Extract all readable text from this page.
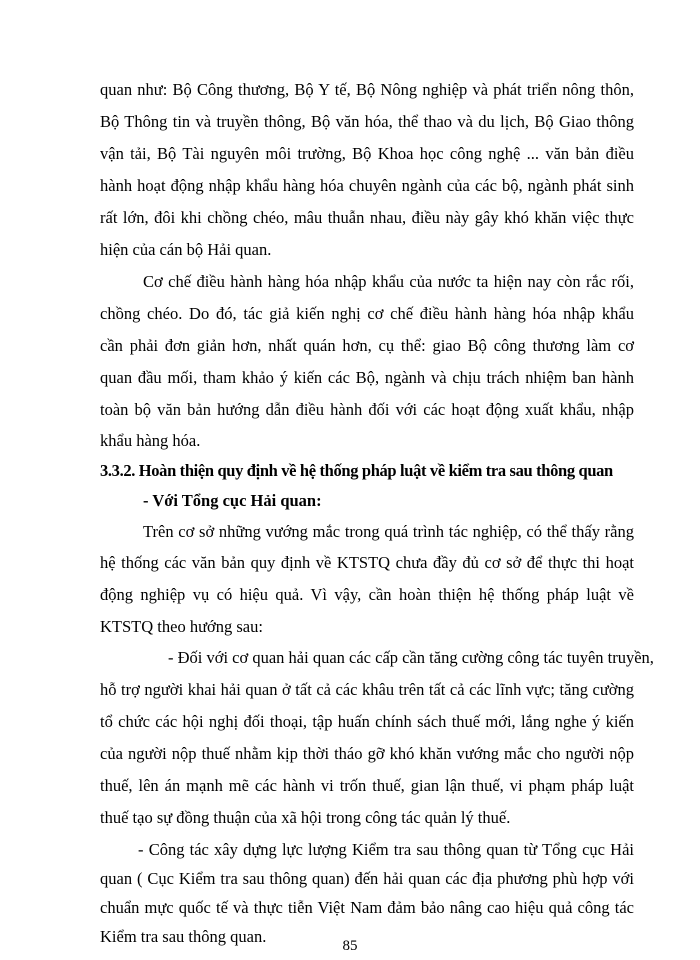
quan như: Bộ Công thương, Bộ Y tế, Bộ Nông nghiệp và phát triển nông thôn,
Bộ Thông tin và truyền thông, Bộ văn hóa, thể thao và du lịch, Bộ Giao thông
vận tải, Bộ Tài nguyên môi trường, Bộ Khoa học công nghệ ... văn bản điều
hành hoạt động nhập khẩu hàng hóa chuyên ngành của các bộ, ngành phát sinh
rất lớn, đôi khi chồng chéo, mâu thuẫn nhau, điều này gây khó khăn việc thực
hiện của cán bộ Hải quan.
Cơ chế điều hành hàng hóa nhập khẩu của nước ta hiện nay còn rắc rối,
chồng chéo. Do đó, tác giả kiến nghị cơ chế điều hành hàng hóa nhập khẩu
cần phải đơn giản hơn, nhất quán hơn, cụ thể: giao Bộ công thương làm cơ
quan đầu mối, tham khảo ý kiến các Bộ, ngành và chịu trách nhiệm ban hành
toàn bộ văn bản hướng dẫn điều hành đối với các hoạt động xuất khẩu, nhập
khẩu hàng hóa.
3.3.2. Hoàn thiện quy định về hệ thống pháp luật về kiểm tra sau thông quan
- Với Tổng cục Hải quan:
Trên cơ sở những vướng mắc trong quá trình tác nghiệp, có thể thấy rằng
hệ thống các văn bản quy định về KTSTQ chưa đầy đủ cơ sở để thực thi hoạt
động nghiệp vụ có hiệu quả. Vì vậy, cần hoàn thiện hệ thống pháp luật về
KTSTQ theo hướng sau:
- Đối với cơ quan hải quan các cấp cần tăng cường công tác tuyên truyền,
hỗ trợ người khai hải quan ở tất cả các khâu trên tất cả các lĩnh vực; tăng cường
tổ chức các hội nghị đối thoại, tập huấn chính sách thuế mới, lắng nghe ý kiến
của người nộp thuế nhằm kịp thời tháo gỡ khó khăn vướng mắc cho người nộp
thuế, lên án mạnh mẽ các hành vi trốn thuế, gian lận thuế, vi phạm pháp luật
thuế tạo sự đồng thuận của xã hội trong công tác quản lý thuế.
- Công tác xây dựng lực lượng Kiểm tra sau thông quan từ Tổng cục Hải
quan ( Cục Kiểm tra sau thông quan) đến hải quan các địa phương phù hợp với
chuẩn mực quốc tế và thực tiễn Việt Nam đảm bảo nâng cao hiệu quả công tác
Kiểm tra sau thông quan.	85
